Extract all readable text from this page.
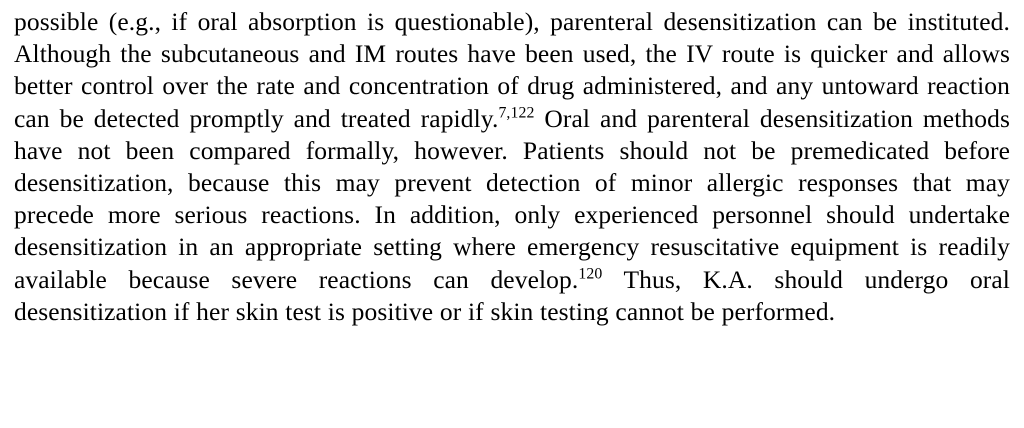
possible (e.g., if oral absorption is questionable), parenteral desensitization can be instituted. Although the subcutaneous and IM routes have been used, the IV route is quicker and allows better control over the rate and concentration of drug administered, and any untoward reaction can be detected promptly and treated rapidly.$^{7,122}$ Oral and parenteral desensitization methods have not been compared formally, however. Patients should not be premedicated before desensitization, because this may prevent detection of minor allergic responses that may precede more serious reactions. In addition, only experienced personnel should undertake desensitization in an appropriate setting where emergency resuscitative equipment is readily available because severe reactions can develop.$^{120}$ Thus, K.A. should undergo oral desensitization if her skin test is positive or if skin testing cannot be performed.
